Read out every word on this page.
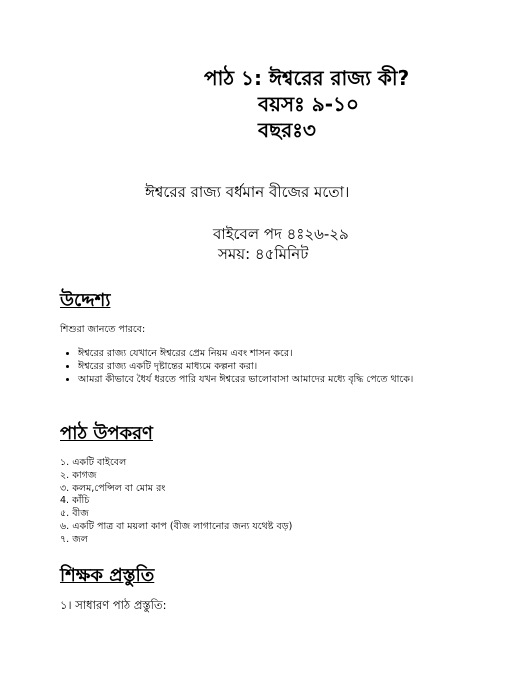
পাঠ ১: ঈশ্বরের রাজ্য কী?
বয়সঃ ৯-১০
বছরঃ৩
ঈশ্বরের রাজ্য বর্ধমান বীজের মতো।
বাইবেল পদ ৪ঃ২৬-২৯
সময়: ৪৫মিনিট
উদ্দেশ্য
শিশুরা জানতে পারবে:
• ঈশ্বরের রাজ্য যেখানে ঈশ্বরের প্রেম নিয়ম এবং শাসন করে।
• ঈশ্বরের রাজ্য একটি দৃষ্টান্তের মাধ্যমে কল্পনা করা।
• আমরা কীভাবে ধৈর্য ধরতে পারি যখন ঈশ্বরের ভালোবাসা আমাদের মধ্যে বৃদ্ধি পেতে থাকে।
পাঠ উপকরণ
১. একটি বাইবেল
২. কাগজ
৩. কলম,পেন্সিল বা মোম রং
4. কাঁচি
৫. বীজ
৬. একটি পাত্র বা ময়লা কাপ (বীজ লাগানোর জন্য যথেষ্ট বড়)
৭. জল
শিক্ষক প্রস্তুতি
১। সাধারণ পাঠ প্রস্তুতি:
